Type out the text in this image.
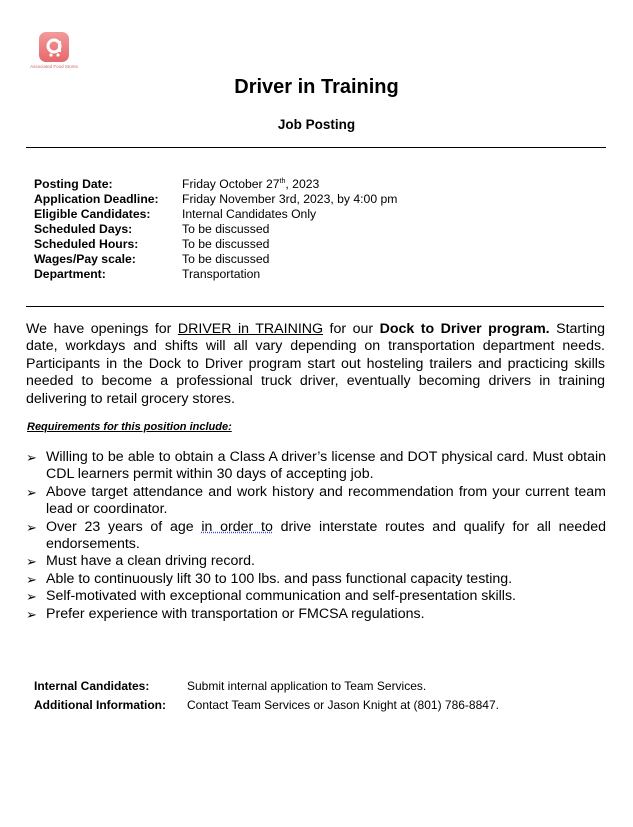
Associated Food Stores
Driver in Training
Job Posting
Posting Date:	Friday October 27th, 2023
Application Deadline:	Friday November 3rd, 2023, by 4:00 pm
Eligible Candidates:	Internal Candidates Only
Scheduled Days:	To be discussed
Scheduled Hours:	To be discussed
Wages/Pay scale:	To be discussed
Department:	Transportation
We have openings for DRIVER in TRAINING for our Dock to Driver program. Starting date, workdays and shifts will all vary depending on transportation department needs. Participants in the Dock to Driver program start out hosteling trailers and practicing skills needed to become a professional truck driver, eventually becoming drivers in training delivering to retail grocery stores.
Requirements for this position include:
➢ Willing to be able to obtain a Class A driver’s license and DOT physical card. Must obtain CDL learners permit within 30 days of accepting job.
➢ Above target attendance and work history and recommendation from your current team lead or coordinator.
➢ Over 23 years of age in order to drive interstate routes and qualify for all needed endorsements.
➢ Must have a clean driving record.
➢ Able to continuously lift 30 to 100 lbs. and pass functional capacity testing.
➢ Self-motivated with exceptional communication and self-presentation skills.
➢ Prefer experience with transportation or FMCSA regulations.
Internal Candidates:	Submit internal application to Team Services.
Additional Information:	Contact Team Services or Jason Knight at (801) 786-8847.
